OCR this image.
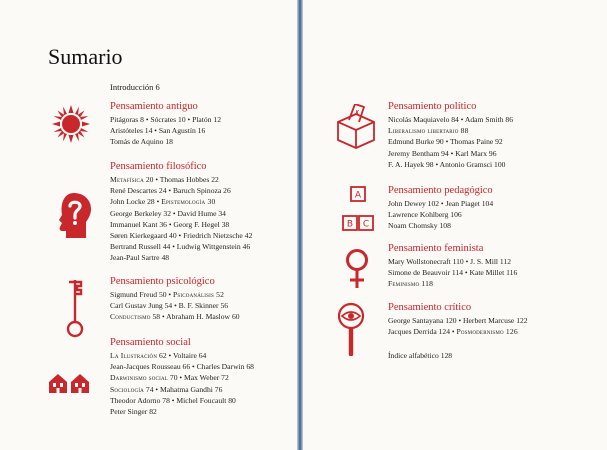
Sumario
Introducción 6
Pensamiento antiguo
Pitágoras 8 • Sócrates 10 • Platón 12
Aristóteles 14 • San Agustín 16
Tomás de Aquino 18
Pensamiento filosófico
Metafísica 20 • Thomas Hobbes 22
René Descartes 24 • Baruch Spinoza 26
John Locke 28 • Epistemología 30
George Berkeley 32 • David Hume 34
Immanuel Kant 36 • Georg F. Hegel 38
Søren Kierkegaard 40 • Friedrich Nietzsche 42
Bertrand Russell 44 • Ludwig Wittgenstein 46
Jean-Paul Sartre 48
Pensamiento psicológico
Sigmund Freud 50 • Psicoanálisis 52
Carl Gustav Jung 54 • B. F. Skinner 56
Conductismo 58 • Abraham H. Maslow 60
Pensamiento social
La Ilustración 62 • Voltaire 64
Jean-Jacques Rousseau 66 • Charles Darwin 68
Darwinismo social 70 • Max Weber 72
Sociología 74 • Mahatma Gandhi 76
Theodor Adorno 78 • Michel Foucault 80
Peter Singer 82
Pensamiento político
Nicolás Maquiavelo 84 • Adam Smith 86
Liberalismo libertario 88
Edmund Burke 90 • Thomas Paine 92
Jeremy Bentham 94 • Karl Marx 96
F. A. Hayek 98 • Antonio Gramsci 100
Pensamiento pedagógico
John Dewey 102 • Jean Piaget 104
Lawrence Kohlberg 106
Noam Chomsky 108
Pensamiento feminista
Mary Wollstonecraft 110 • J. S. Mill 112
Simone de Beauvoir 114 • Kate Millet 116
Feminismo 118
Pensamiento crítico
George Santayana 120 • Herbert Marcuse 122
Jacques Derrida 124 • Posmodernismo 126
Índice alfabético 128
✗
A
B C
